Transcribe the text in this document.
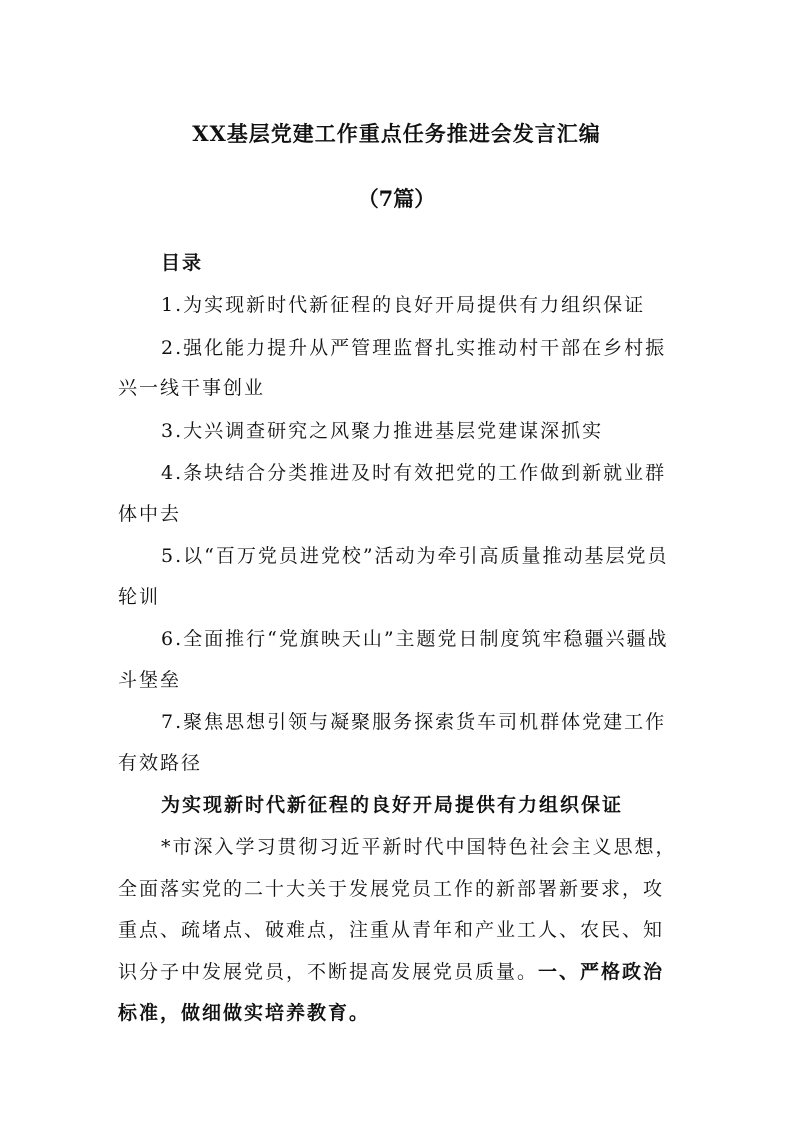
XX基层党建工作重点任务推进会发言汇编
（7篇）
目录
1.为实现新时代新征程的良好开局提供有力组织保证
2.强化能力提升从严管理监督扎实推动村干部在乡村振
兴一线干事创业
3.大兴调查研究之风聚力推进基层党建谋深抓实
4.条块结合分类推进及时有效把党的工作做到新就业群
体中去
5.以“百万党员进党校”活动为牵引高质量推动基层党员
轮训
6.全面推行“党旗映天山”主题党日制度筑牢稳疆兴疆战
斗堡垒
7.聚焦思想引领与凝聚服务探索货车司机群体党建工作
有效路径
为实现新时代新征程的良好开局提供有力组织保证
*市深入学习贯彻习近平新时代中国特色社会主义思想，
全面落实党的二十大关于发展党员工作的新部署新要求，攻
重点、疏堵点、破难点，注重从青年和产业工人、农民、知
识分子中发展党员，不断提高发展党员质量。一、严格政治
标准，做细做实培养教育。
